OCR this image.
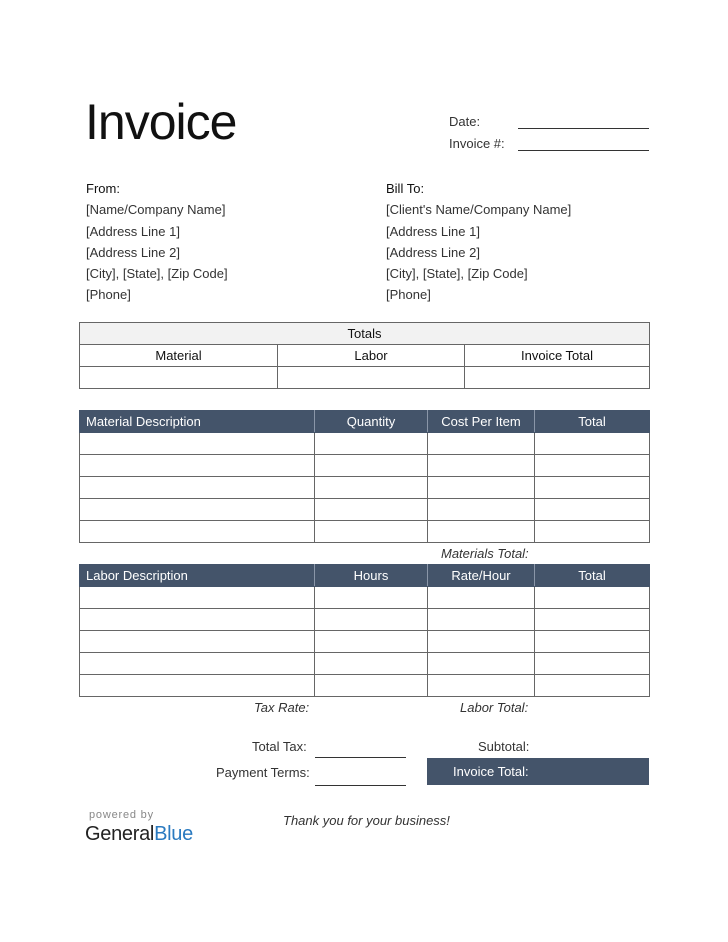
Invoice	Date:
Invoice #:
From:
[Name/Company Name]
[Address Line 1]
[Address Line 2]
[City], [State], [Zip Code]
[Phone]
Bill To:
[Client's Name/Company Name]
[Address Line 1]
[Address Line 2]
[City], [State], [Zip Code]
[Phone]
Totals		
Material	Labor	Invoice Total

Material Description	Quantity	Cost Per Item	Total

Materials Total:
Labor Description	Hours	Rate/Hour	Total

Tax Rate:	Labor Total:
Total Tax:	Subtotal:
Payment Terms:	Invoice Total:
powered by
GeneralBlue
Thank you for your business!
